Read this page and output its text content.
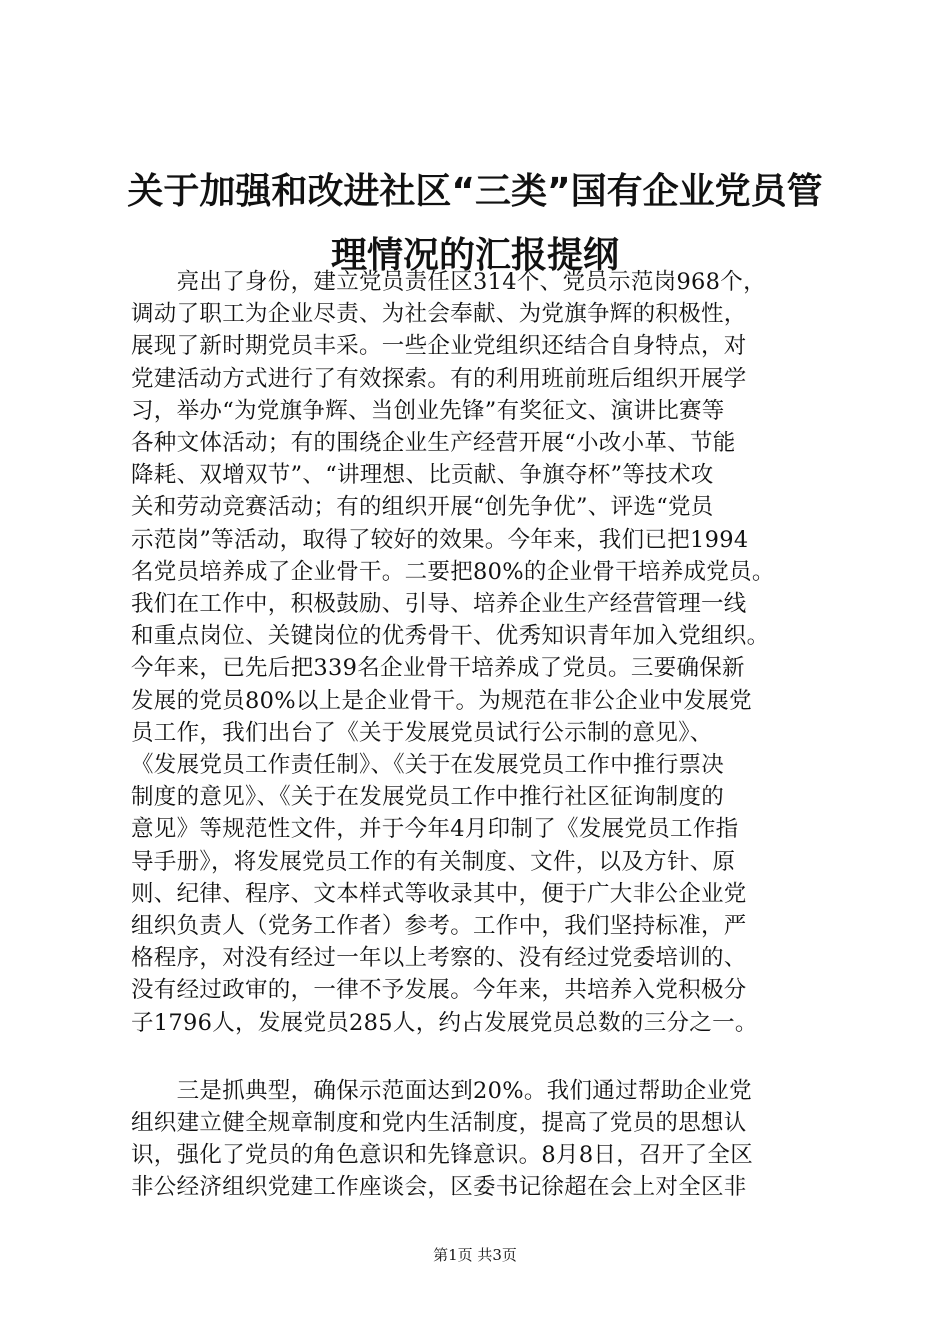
关于加强和改进社区“三类”国有企业党员管
理情况的汇报提纲

　　亮出了身份，建立党员责任区314个、党员示范岗968个，
调动了职工为企业尽责、为社会奉献、为党旗争辉的积极性，
展现了新时期党员丰采。一些企业党组织还结合自身特点，对
党建活动方式进行了有效探索。有的利用班前班后组织开展学
习，举办“为党旗争辉、当创业先锋”有奖征文、演讲比赛等
各种文体活动；有的围绕企业生产经营开展“小改小革、节能
降耗、双增双节”、“讲理想、比贡献、争旗夺杯”等技术攻
关和劳动竞赛活动；有的组织开展“创先争优”、评选“党员
示范岗”等活动，取得了较好的效果。今年来，我们已把1994
名党员培养成了企业骨干。二要把80%的企业骨干培养成党员。
我们在工作中，积极鼓励、引导、培养企业生产经营管理一线
和重点岗位、关键岗位的优秀骨干、优秀知识青年加入党组织。
今年来，已先后把339名企业骨干培养成了党员。三要确保新
发展的党员80%以上是企业骨干。为规范在非公企业中发展党
员工作，我们出台了《关于发展党员试行公示制的意见》、
《发展党员工作责任制》、《关于在发展党员工作中推行票决
制度的意见》、《关于在发展党员工作中推行社区征询制度的
意见》等规范性文件，并于今年4月印制了《发展党员工作指
导手册》，将发展党员工作的有关制度、文件，以及方针、原
则、纪律、程序、文本样式等收录其中，便于广大非公企业党
组织负责人（党务工作者）参考。工作中，我们坚持标准，严
格程序，对没有经过一年以上考察的、没有经过党委培训的、
没有经过政审的，一律不予发展。今年来，共培养入党积极分
子1796人，发展党员285人，约占发展党员总数的三分之一。

　　三是抓典型，确保示范面达到20%。我们通过帮助企业党
组织建立健全规章制度和党内生活制度，提高了党员的思想认
识，强化了党员的角色意识和先锋意识。8月8日，召开了全区
非公经济组织党建工作座谈会，区委书记徐超在会上对全区非

第1页 共3页
